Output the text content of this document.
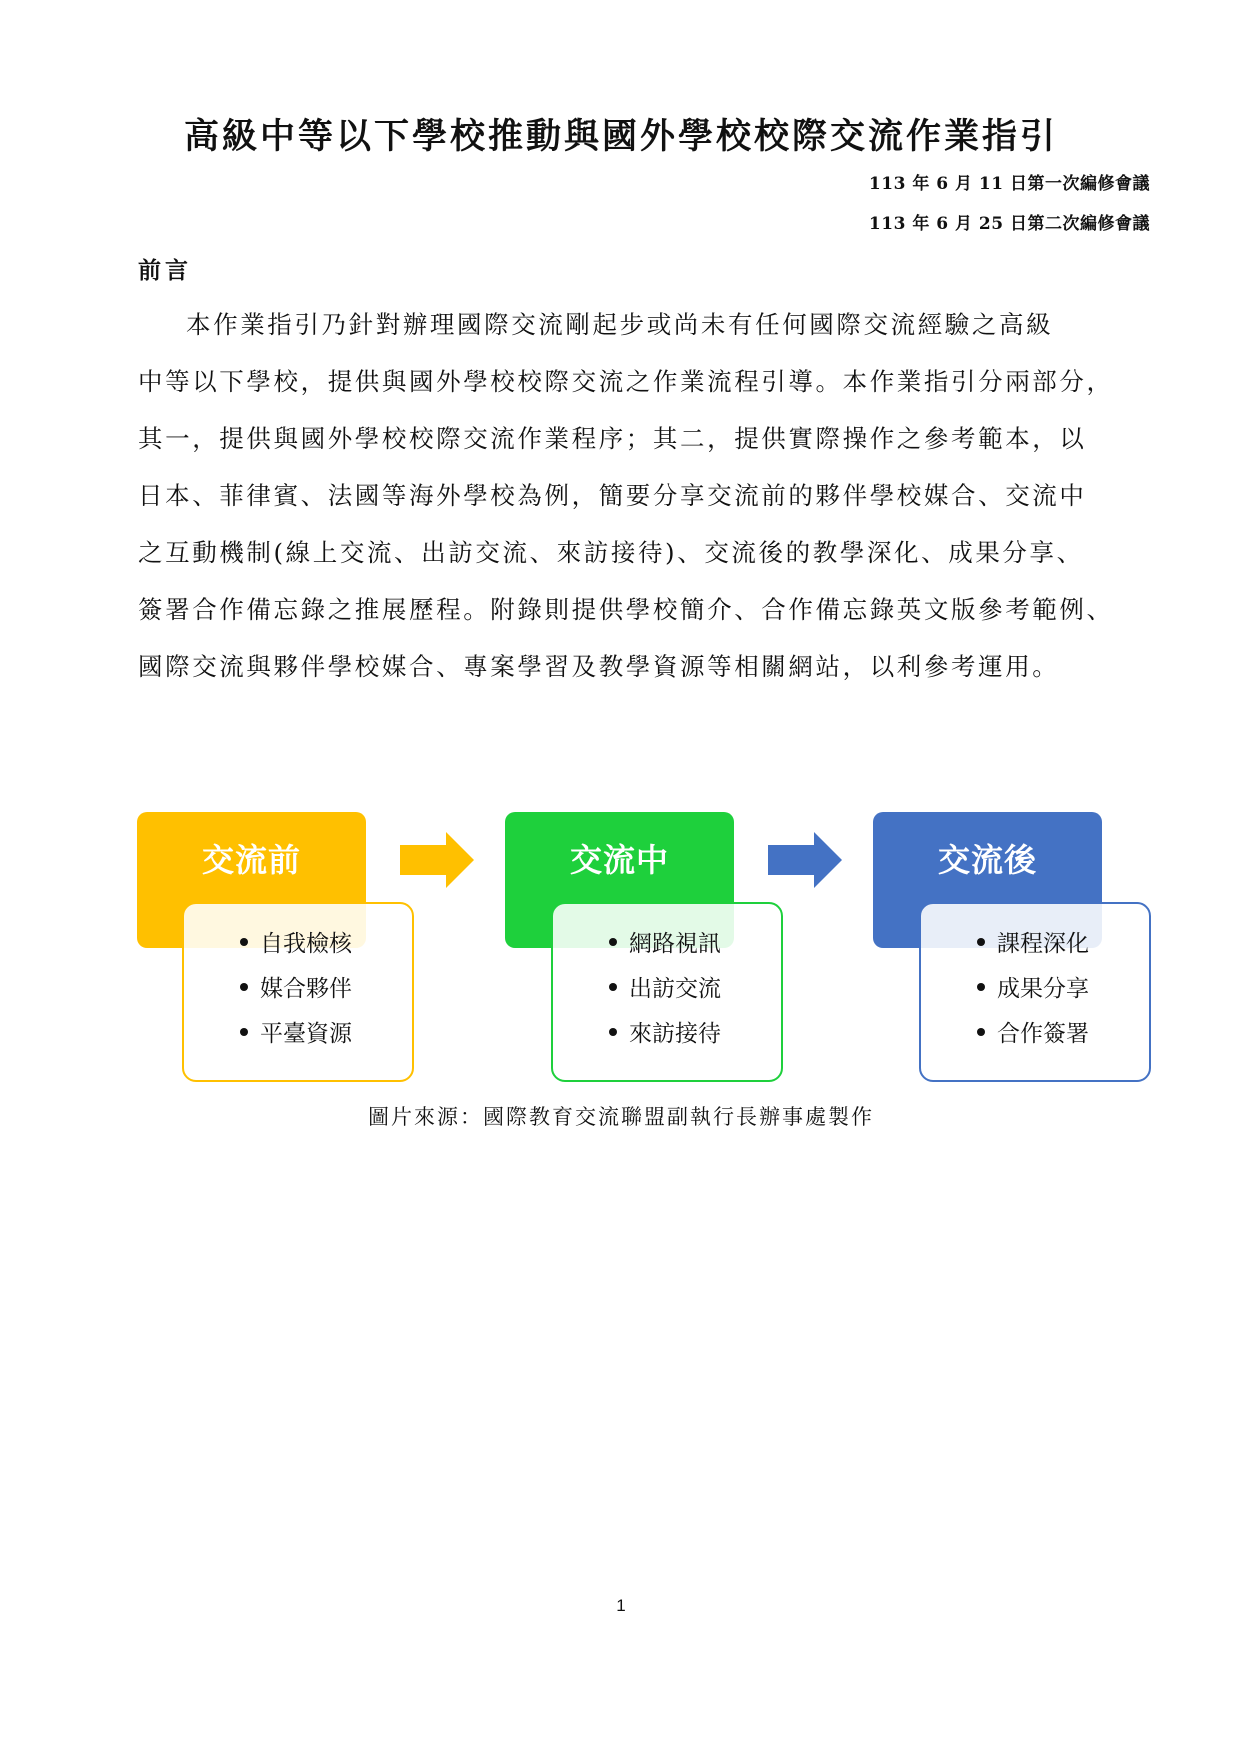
高級中等以下學校推動與國外學校校際交流作業指引
113 年 6 月 11 日第一次編修會議
113 年 6 月 25 日第二次編修會議
前言
本作業指引乃針對辦理國際交流剛起步或尚未有任何國際交流經驗之高級
中等以下學校，提供與國外學校校際交流之作業流程引導。本作業指引分兩部分，
其一，提供與國外學校校際交流作業程序；其二，提供實際操作之參考範本，以
日本、菲律賓、法國等海外學校為例，簡要分享交流前的夥伴學校媒合、交流中
之互動機制(線上交流、出訪交流、來訪接待)、交流後的教學深化、成果分享、
簽署合作備忘錄之推展歷程。附錄則提供學校簡介、合作備忘錄英文版參考範例、
國際交流與夥伴學校媒合、專案學習及教學資源等相關網站，以利參考運用。
交流前
自我檢核
媒合夥伴
平臺資源
交流中
網路視訊
出訪交流
來訪接待
交流後
課程深化
成果分享
合作簽署
圖片來源：國際教育交流聯盟副執行長辦事處製作
1
